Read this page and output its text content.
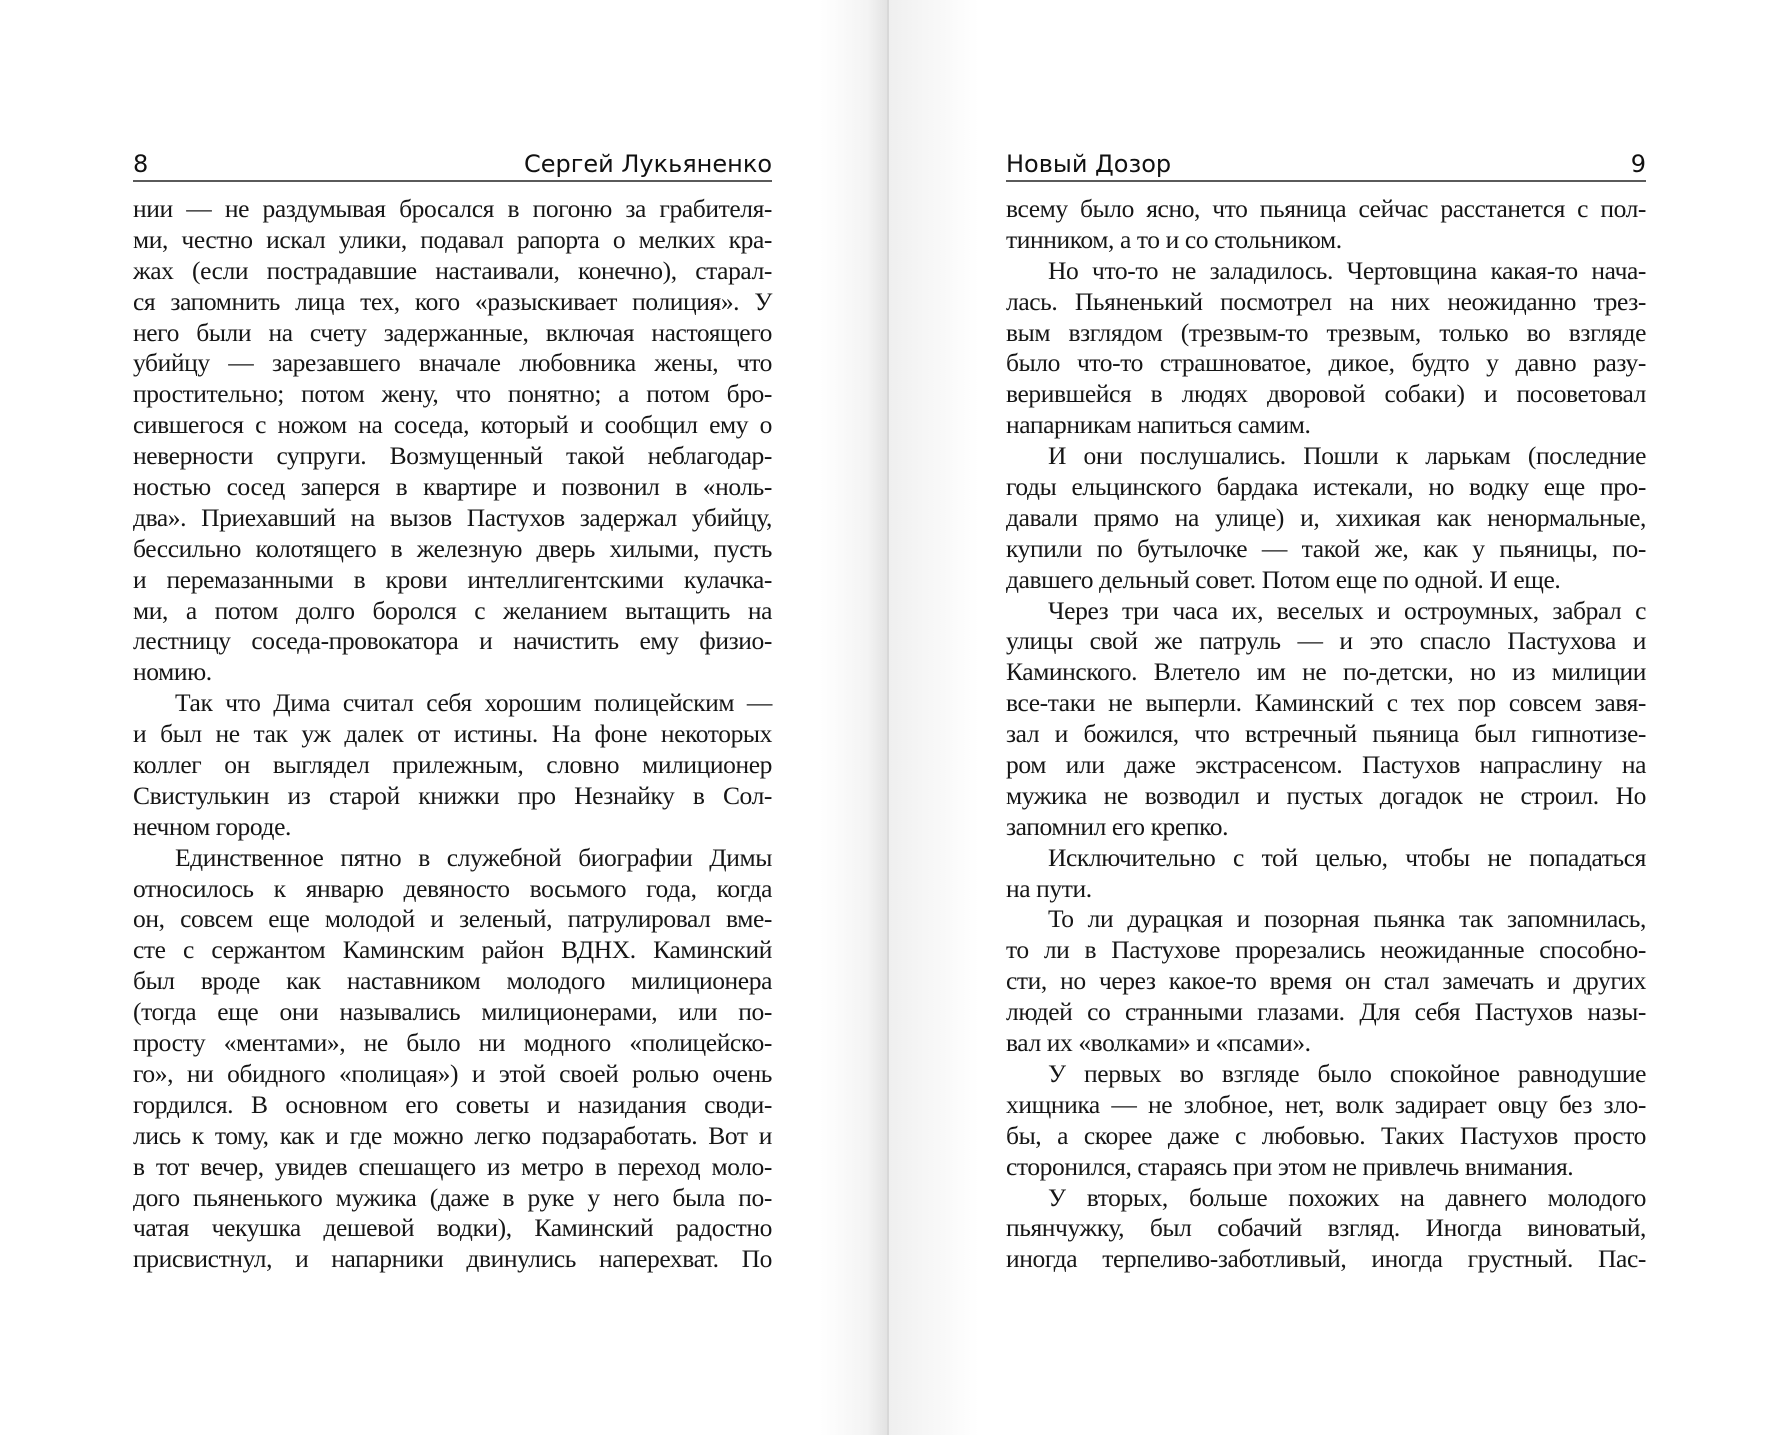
8	Сергей Лукьяненко
нии — не раздумывая бросался в погоню за грабителя-
ми, честно искал улики, подавал рапорта о мелких кра-
жах (если пострадавшие настаивали, конечно), старал-
ся запомнить лица тех, кого «разыскивает полиция». У
него были на счету задержанные, включая настоящего
убийцу — зарезавшего вначале любовника жены, что
простительно; потом жену, что понятно; а потом бро-
сившегося с ножом на соседа, который и сообщил ему о
неверности супруги. Возмущенный такой неблагодар-
ностью сосед заперся в квартире и позвонил в «ноль-
два». Приехавший на вызов Пастухов задержал убийцу,
бессильно колотящего в железную дверь хилыми, пусть
и перемазанными в крови интеллигентскими кулачка-
ми, а потом долго боролся с желанием вытащить на
лестницу соседа-провокатора и начистить ему физио-
номию.
Так что Дима считал себя хорошим полицейским —
и был не так уж далек от истины. На фоне некоторых
коллег он выглядел прилежным, словно милиционер
Свистулькин из старой книжки про Незнайку в Сол-
нечном городе.
Единственное пятно в служебной биографии Димы
относилось к январю девяносто восьмого года, когда
он, совсем еще молодой и зеленый, патрулировал вме-
сте с сержантом Каминским район ВДНХ. Каминский
был вроде как наставником молодого милиционера
(тогда еще они назывались милиционерами, или по-
просту «ментами», не было ни модного «полицейско-
го», ни обидного «полицая») и этой своей ролью очень
гордился. В основном его советы и назидания своди-
лись к тому, как и где можно легко подзаработать. Вот и
в тот вечер, увидев спешащего из метро в переход моло-
дого пьяненького мужика (даже в руке у него была по-
чатая чекушка дешевой водки), Каминский радостно
присвистнул, и напарники двинулись наперехват. По
Новый Дозор	9
всему было ясно, что пьяница сейчас расстанется с пол-
тинником, а то и со стольником.
Но что-то не заладилось. Чертовщина какая-то нача-
лась. Пьяненький посмотрел на них неожиданно трез-
вым взглядом (трезвым-то трезвым, только во взгляде
было что-то страшноватое, дикое, будто у давно разу-
верившейся в людях дворовой собаки) и посоветовал
напарникам напиться самим.
И они послушались. Пошли к ларькам (последние
годы ельцинского бардака истекали, но водку еще про-
давали прямо на улице) и, хихикая как ненормальные,
купили по бутылочке — такой же, как у пьяницы, по-
давшего дельный совет. Потом еще по одной. И еще.
Через три часа их, веселых и остроумных, забрал с
улицы свой же патруль — и это спасло Пастухова и
Каминского. Влетело им не по-детски, но из милиции
все-таки не выперли. Каминский с тех пор совсем завя-
зал и божился, что встречный пьяница был гипнотизе-
ром или даже экстрасенсом. Пастухов напраслину на
мужика не возводил и пустых догадок не строил. Но
запомнил его крепко.
Исключительно с той целью, чтобы не попадаться
на пути.
То ли дурацкая и позорная пьянка так запомнилась,
то ли в Пастухове прорезались неожиданные способно-
сти, но через какое-то время он стал замечать и других
людей со странными глазами. Для себя Пастухов назы-
вал их «волками» и «псами».
У первых во взгляде было спокойное равнодушие
хищника — не злобное, нет, волк задирает овцу без зло-
бы, а скорее даже с любовью. Таких Пастухов просто
сторонился, стараясь при этом не привлечь внимания.
У вторых, больше похожих на давнего молодого
пьянчужку, был собачий взгляд. Иногда виноватый,
иногда терпеливо-заботливый, иногда грустный. Пас-
